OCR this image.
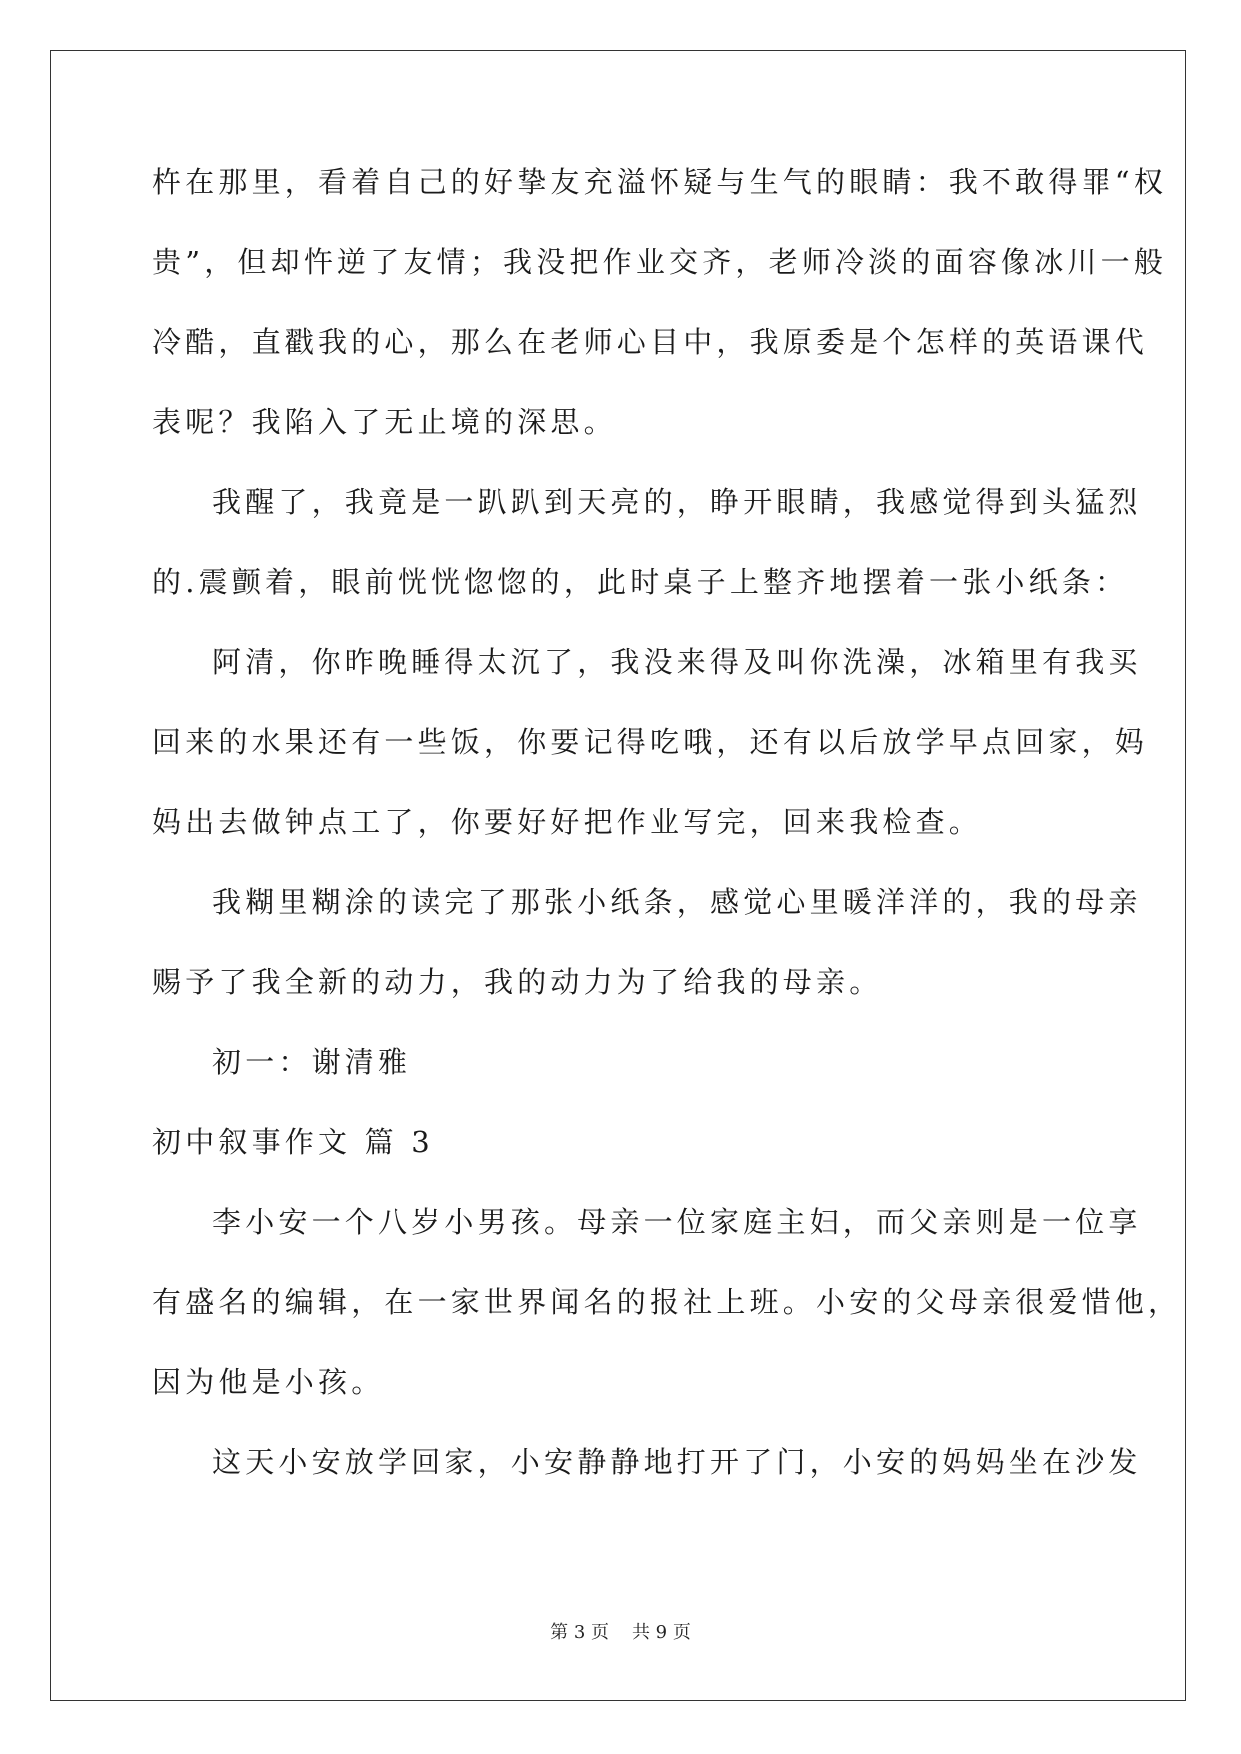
杵在那里，看着自己的好挚友充溢怀疑与生气的眼睛：我不敢得罪“权
贵”，但却忤逆了友情；我没把作业交齐，老师冷淡的面容像冰川一般
冷酷，直戳我的心，那么在老师心目中，我原委是个怎样的英语课代
表呢？我陷入了无止境的深思。
我醒了，我竟是一趴趴到天亮的，睁开眼睛，我感觉得到头猛烈
的.震颤着，眼前恍恍惚惚的，此时桌子上整齐地摆着一张小纸条：
阿清，你昨晚睡得太沉了，我没来得及叫你洗澡，冰箱里有我买
回来的水果还有一些饭，你要记得吃哦，还有以后放学早点回家，妈
妈出去做钟点工了，你要好好把作业写完，回来我检查。
我糊里糊涂的读完了那张小纸条，感觉心里暖洋洋的，我的母亲
赐予了我全新的动力，我的动力为了给我的母亲。
初一：谢清雅
初中叙事作文 篇 3
李小安一个八岁小男孩。母亲一位家庭主妇，而父亲则是一位享
有盛名的编辑，在一家世界闻名的报社上班。小安的父母亲很爱惜他，
因为他是小孩。
这天小安放学回家，小安静静地打开了门，小安的妈妈坐在沙发
第 3 页    共 9 页
